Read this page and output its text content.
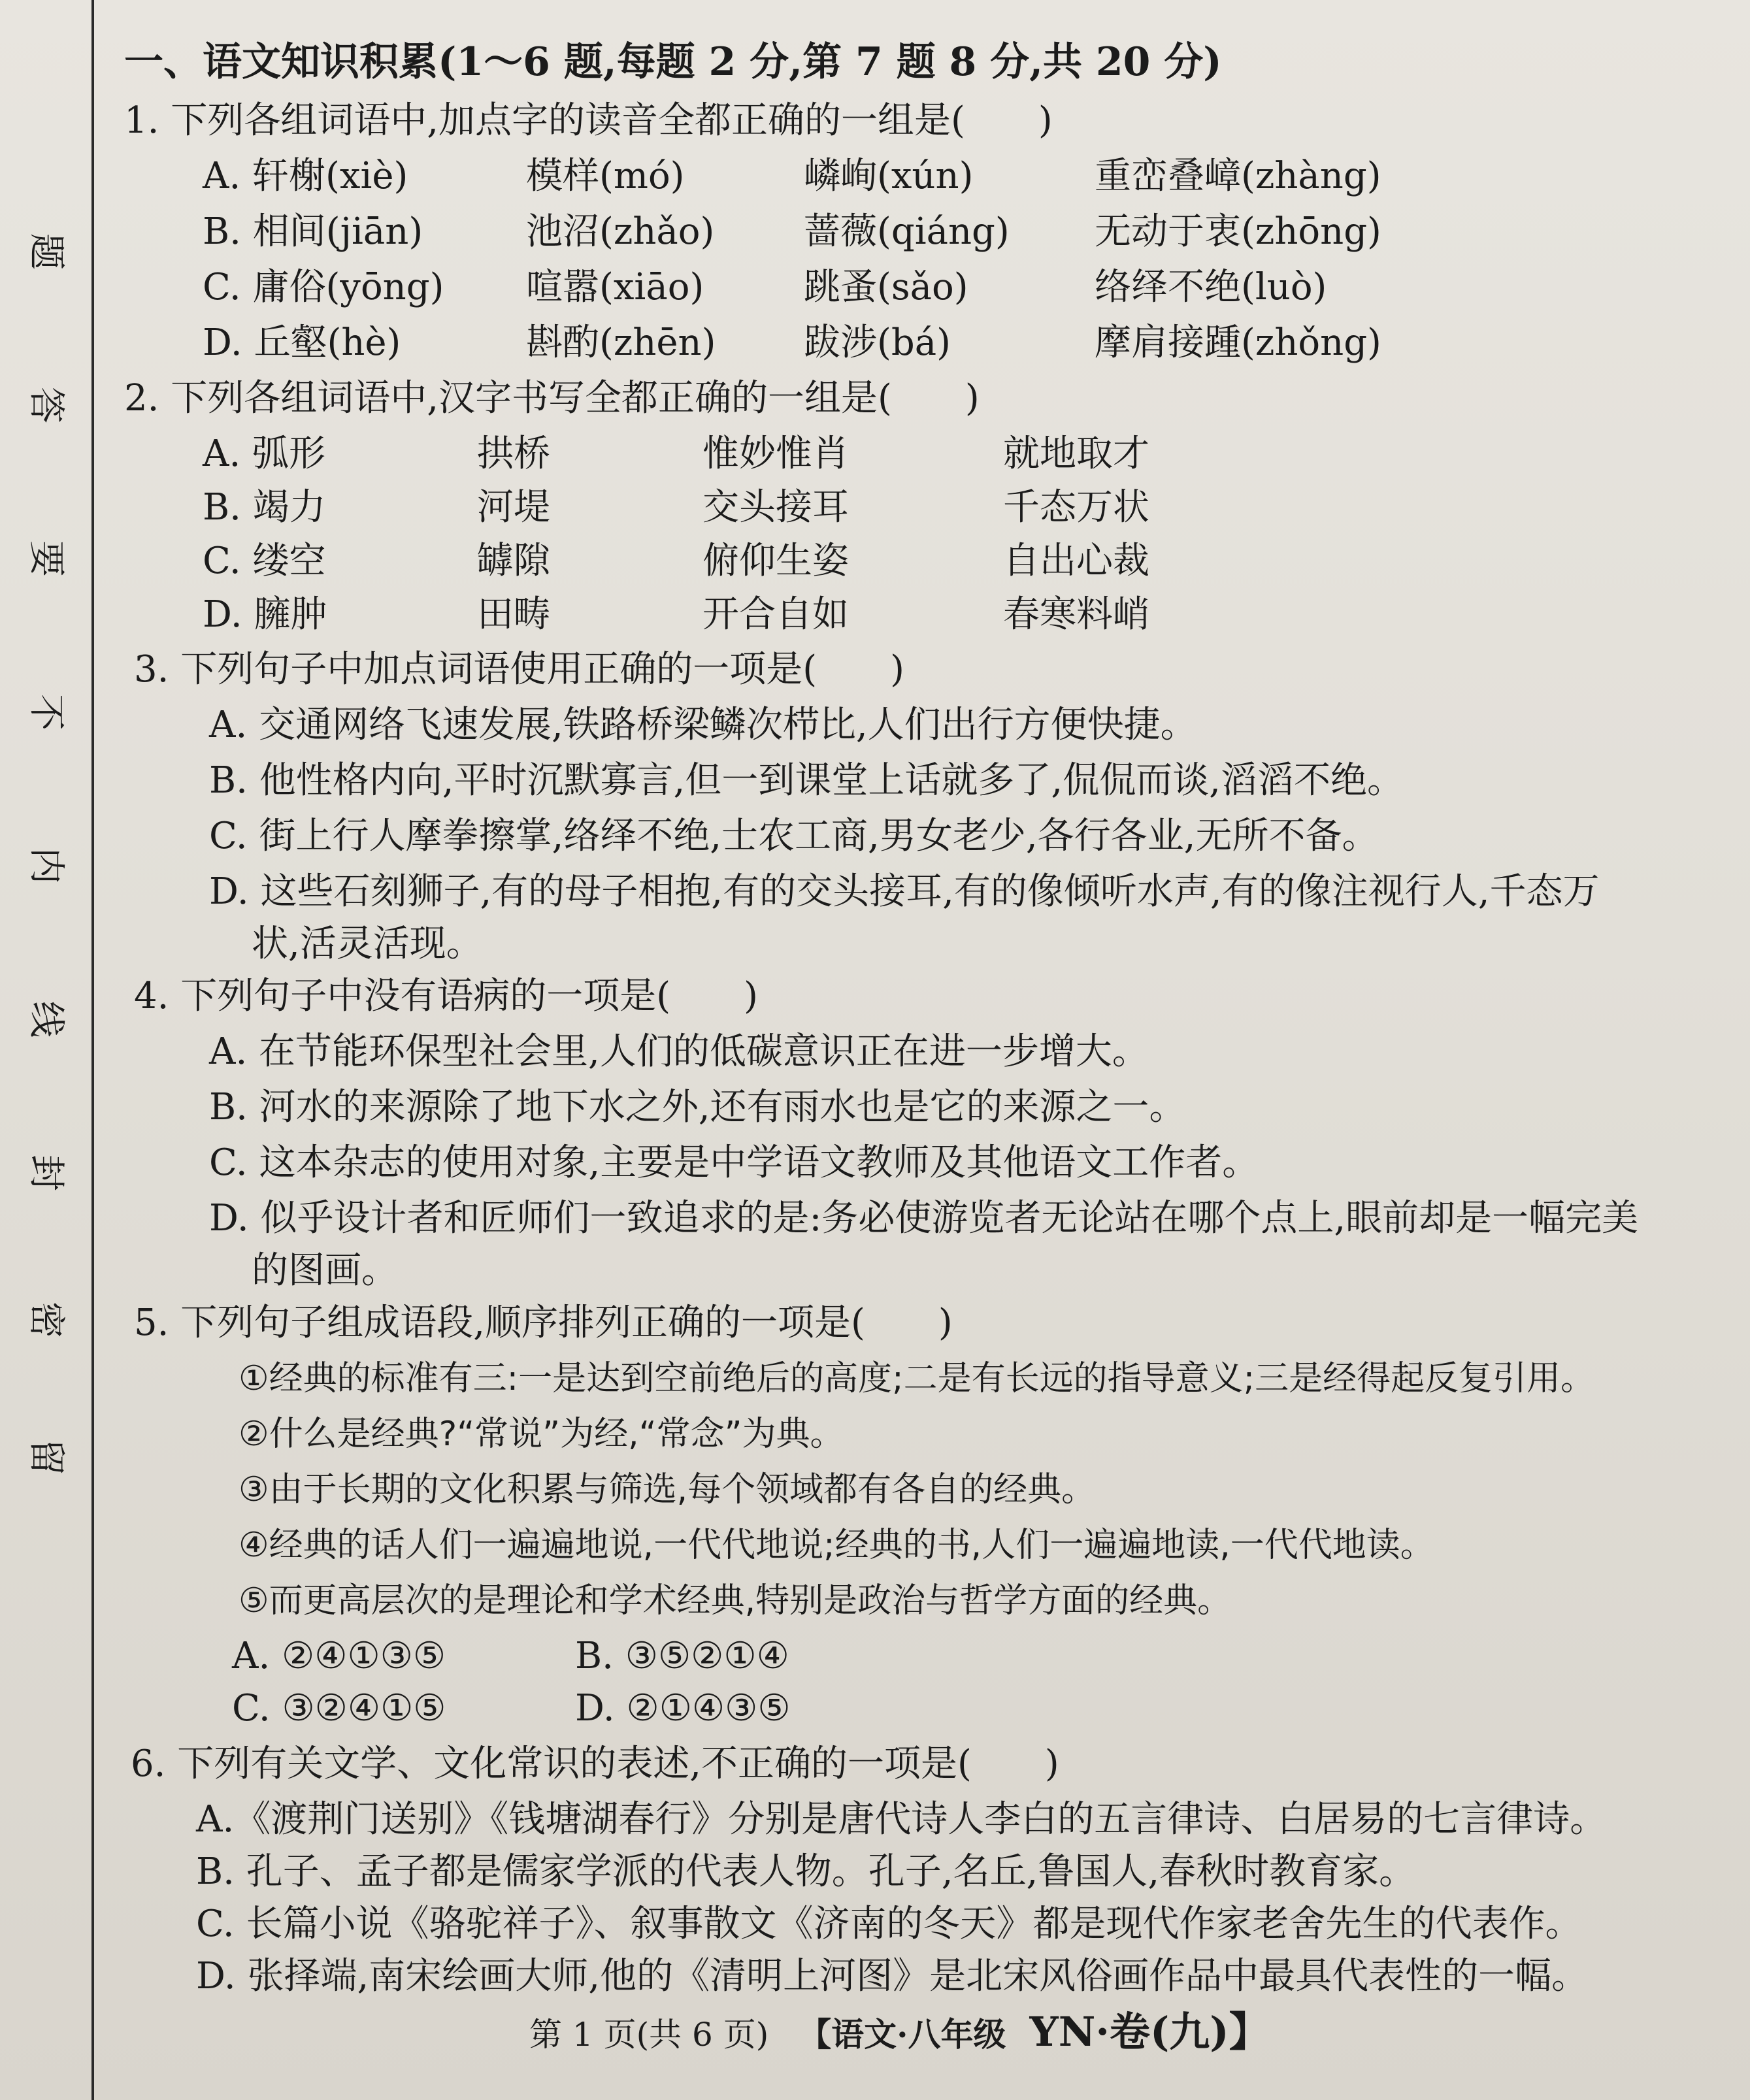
题
答
要
不
内
线
封
密
留
一、语文知识积累(1～6 题,每题 2 分,第 7 题 8 分,共 20 分)
1. 下列各组词语中,加点字的读音全都正确的一组是(　　)
A. 轩榭(xiè)	模样(mó)	嶙峋(xún)	重峦叠嶂(zhàng)
B. 相间(jiān)	池沼(zhǎo) 蔷薇(qiáng) 无动于衷(zhōng)
C. 庸俗(yōng) 喧嚣(xiāo)	跳蚤(sǎo)	络绎不绝(luò)
D. 丘壑(hè)	斟酌(zhēn) 跋涉(bá)	摩肩接踵(zhǒng)
2. 下列各组词语中,汉字书写全都正确的一组是(　　)
A. 弧形	拱桥	惟妙惟肖	就地取才
B. 竭力	河堤	交头接耳	千态万状
C. 缕空	罅隙	俯仰生姿	自出心裁
D. 臃肿	田畴	开合自如	春寒料峭
3. 下列句子中加点词语使用正确的一项是(　　)
A. 交通网络飞速发展,铁路桥梁鳞次栉比,人们出行方便快捷。
B. 他性格内向,平时沉默寡言,但一到课堂上话就多了,侃侃而谈,滔滔不绝。
C. 街上行人摩拳擦掌,络绎不绝,士农工商,男女老少,各行各业,无所不备。
D. 这些石刻狮子,有的母子相抱,有的交头接耳,有的像倾听水声,有的像注视行人,千态万
状,活灵活现。
4. 下列句子中没有语病的一项是(　　)
A. 在节能环保型社会里,人们的低碳意识正在进一步增大。
B. 河水的来源除了地下水之外,还有雨水也是它的来源之一。
C. 这本杂志的使用对象,主要是中学语文教师及其他语文工作者。
D. 似乎设计者和匠师们一致追求的是:务必使游览者无论站在哪个点上,眼前却是一幅完美
的图画。
5. 下列句子组成语段,顺序排列正确的一项是(　　)
①经典的标准有三:一是达到空前绝后的高度;二是有长远的指导意义;三是经得起反复引用。
②什么是经典?“常说”为经,“常念”为典。
③由于长期的文化积累与筛选,每个领域都有各自的经典。
④经典的话人们一遍遍地说,一代代地说;经典的书,人们一遍遍地读,一代代地读。
⑤而更高层次的是理论和学术经典,特别是政治与哲学方面的经典。
A. ②④①③⑤	B. ③⑤②①④
C. ③②④①⑤	D. ②①④③⑤
6. 下列有关文学、文化常识的表述,不正确的一项是(　　)
A.《渡荆门送别》《钱塘湖春行》分别是唐代诗人李白的五言律诗、白居易的七言律诗。
B. 孔子、孟子都是儒家学派的代表人物。孔子,名丘,鲁国人,春秋时教育家。
C. 长篇小说《骆驼祥子》、叙事散文《济南的冬天》都是现代作家老舍先生的代表作。
D. 张择端,南宋绘画大师,他的《清明上河图》是北宋风俗画作品中最具代表性的一幅。
第 1 页(共 6 页) 【语文·八年级 YN·卷(九)】
